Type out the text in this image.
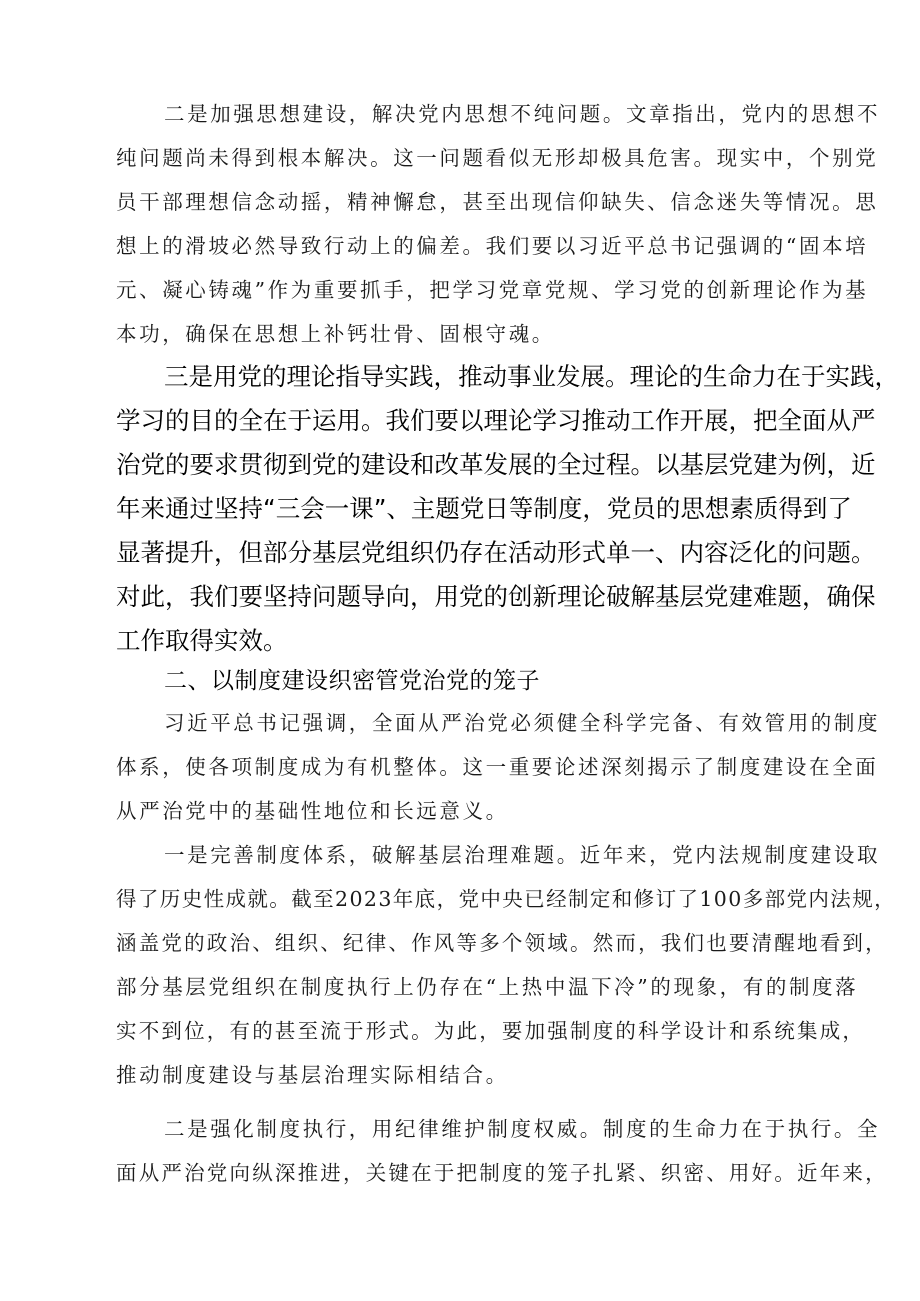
二是加强思想建设，解决党内思想不纯问题。文章指出，党内的思想不
纯问题尚未得到根本解决。这一问题看似无形却极具危害。现实中，个别党
员干部理想信念动摇，精神懈怠，甚至出现信仰缺失、信念迷失等情况。思
想上的滑坡必然导致行动上的偏差。我们要以习近平总书记强调的“固本培
元、凝心铸魂”作为重要抓手，把学习党章党规、学习党的创新理论作为基
本功，确保在思想上补钙壮骨、固根守魂。
三是用党的理论指导实践，推动事业发展。理论的生命力在于实践，
学习的目的全在于运用。我们要以理论学习推动工作开展，把全面从严
治党的要求贯彻到党的建设和改革发展的全过程。以基层党建为例，近
年来通过坚持“三会一课”、主题党日等制度，党员的思想素质得到了
显著提升，但部分基层党组织仍存在活动形式单一、内容泛化的问题。
对此，我们要坚持问题导向，用党的创新理论破解基层党建难题，确保
工作取得实效。
二、以制度建设织密管党治党的笼子
习近平总书记强调，全面从严治党必须健全科学完备、有效管用的制度
体系，使各项制度成为有机整体。这一重要论述深刻揭示了制度建设在全面
从严治党中的基础性地位和长远意义。
一是完善制度体系，破解基层治理难题。近年来，党内法规制度建设取
得了历史性成就。截至2023年底，党中央已经制定和修订了100多部党内法规，
涵盖党的政治、组织、纪律、作风等多个领域。然而，我们也要清醒地看到，
部分基层党组织在制度执行上仍存在“上热中温下冷”的现象，有的制度落
实不到位，有的甚至流于形式。为此，要加强制度的科学设计和系统集成，
推动制度建设与基层治理实际相结合。
二是强化制度执行，用纪律维护制度权威。制度的生命力在于执行。全
面从严治党向纵深推进，关键在于把制度的笼子扎紧、织密、用好。近年来，
